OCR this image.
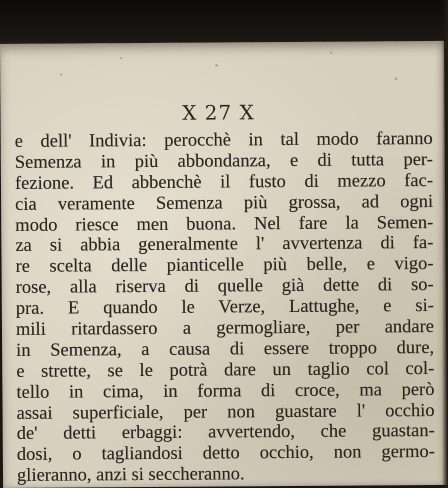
X 27 X
e dell' Indivia: perocchè in tal modo faranno
Semenza in più abbondanza, e di tutta per-
fezione. Ed abbenchè il fusto di mezzo fac-
cia veramente Semenza più grossa, ad ogni
modo riesce men buona. Nel fare la Semen-
za si abbia generalmente l' avvertenza di fa-
re scelta delle pianticelle più belle, e vigo-
rose, alla riserva di quelle già dette di so-
pra. E quando le Verze, Lattughe, e si-
mili ritardassero a germogliare, per andare
in Semenza, a causa di essere troppo dure,
e strette, se le potrà dare un taglio col col-
tello in cima, in forma di croce, ma però
assai superficiale, per non guastare l' occhio
de' detti erbaggi: avvertendo, che guastan-
dosi, o tagliandosi detto occhio, non germo-
glieranno, anzi si seccheranno.
